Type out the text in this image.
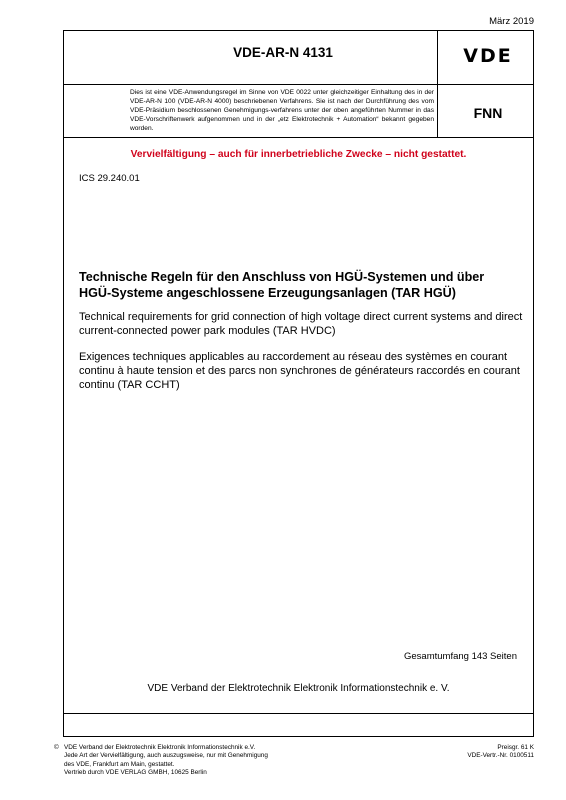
März 2019
VDE-AR-N 4131	VDE
Dies ist eine VDE-Anwendungsregel im Sinne von VDE 0022 unter gleichzeitiger Einhaltung des in der VDE-AR-N 100 (VDE-AR-N 4000) beschriebenen Verfahrens. Sie ist nach der Durchführung des vom VDE-Präsidium beschlossenen Genehmigungs-verfahrens unter der oben angeführten Nummer in das VDE-Vorschriftenwerk aufgenommen und in der „etz Elektrotechnik + Automation“ bekannt gegeben worden.
FNN
Vervielfältigung – auch für innerbetriebliche Zwecke – nicht gestattet.
ICS 29.240.01
Technische Regeln für den Anschluss von HGÜ-Systemen und über HGÜ-Systeme angeschlossene Erzeugungsanlagen (TAR HGÜ)
Technical requirements for grid connection of high voltage direct current systems and direct current-connected power park modules (TAR HVDC)
Exigences techniques applicables au raccordement au réseau des systèmes en courant continu à haute tension et des parcs non synchrones de générateurs raccordés en courant continu (TAR CCHT)
Gesamtumfang 143 Seiten
VDE Verband der Elektrotechnik Elektronik Informationstechnik e. V.
© VDE Verband der Elektrotechnik Elektronik Informationstechnik e.V.
Jede Art der Vervielfältigung, auch auszugsweise, nur mit Genehmigung
des VDE, Frankfurt am Main, gestattet.
Vertrieb durch VDE VERLAG GMBH, 10625 Berlin
Preisgr. 61 K
VDE-Vertr.-Nr. 0100511
